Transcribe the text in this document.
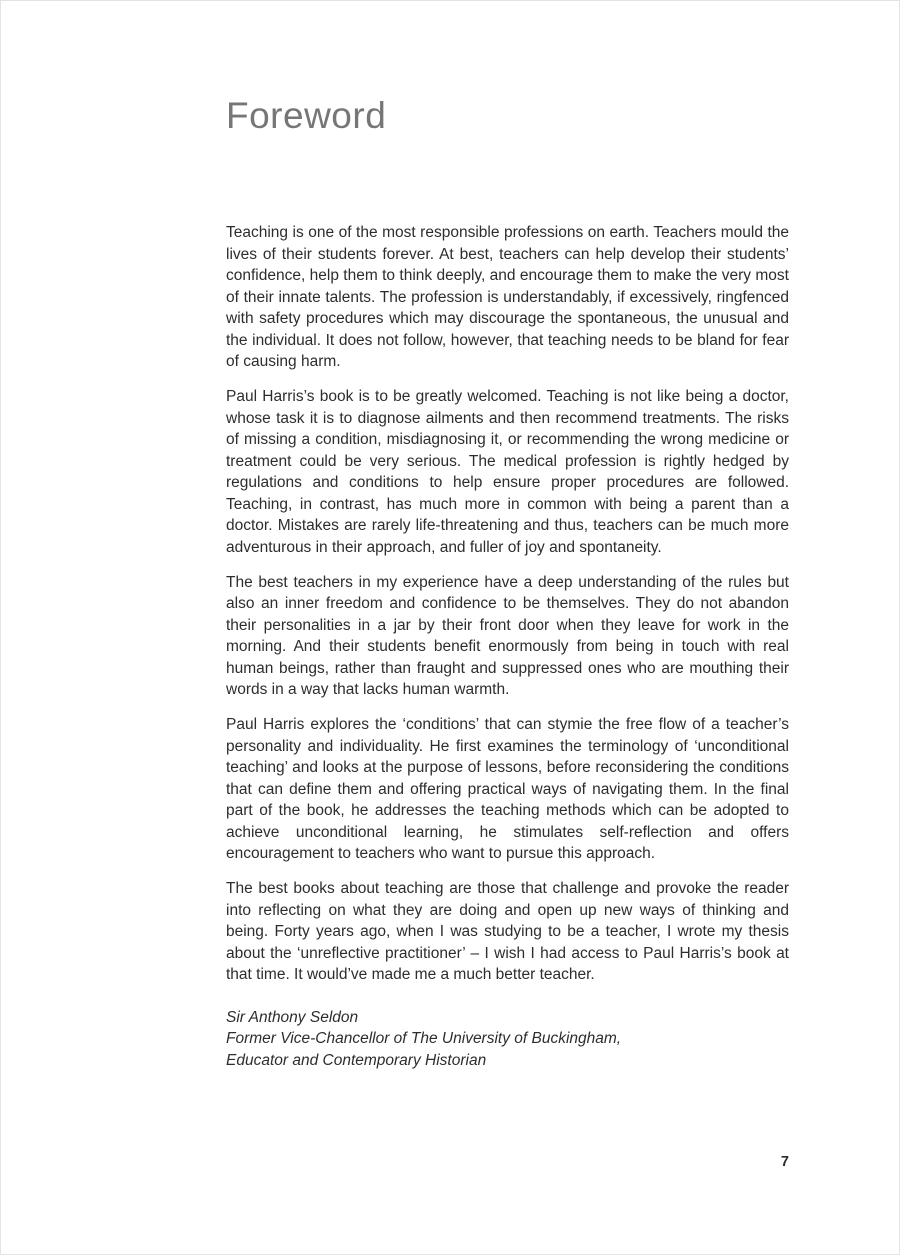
Foreword

Teaching is one of the most responsible professions on earth. Teachers mould the lives of their students forever. At best, teachers can help develop their students’ confidence, help them to think deeply, and encourage them to make the very most of their innate talents. The profession is understandably, if excessively, ringfenced with safety procedures which may discourage the spontaneous, the unusual and the individual. It does not follow, however, that teaching needs to be bland for fear of causing harm.

Paul Harris’s book is to be greatly welcomed. Teaching is not like being a doctor, whose task it is to diagnose ailments and then recommend treatments. The risks of missing a condition, misdiagnosing it, or recommending the wrong medicine or treatment could be very serious. The medical profession is rightly hedged by regulations and conditions to help ensure proper procedures are followed. Teaching, in contrast, has much more in common with being a parent than a doctor. Mistakes are rarely life-threatening and thus, teachers can be much more adventurous in their approach, and fuller of joy and spontaneity.

The best teachers in my experience have a deep understanding of the rules but also an inner freedom and confidence to be themselves. They do not abandon their personalities in a jar by their front door when they leave for work in the morning. And their students benefit enormously from being in touch with real human beings, rather than fraught and suppressed ones who are mouthing their words in a way that lacks human warmth.

Paul Harris explores the ‘conditions’ that can stymie the free flow of a teacher’s personality and individuality. He first examines the terminology of ‘unconditional teaching’ and looks at the purpose of lessons, before reconsidering the conditions that can define them and offering practical ways of navigating them. In the final part of the book, he addresses the teaching methods which can be adopted to achieve unconditional learning, he stimulates self-reflection and offers encouragement to teachers who want to pursue this approach.

The best books about teaching are those that challenge and provoke the reader into reflecting on what they are doing and open up new ways of thinking and being. Forty years ago, when I was studying to be a teacher, I wrote my thesis about the ‘unreflective practitioner’ – I wish I had access to Paul Harris’s book at that time. It would’ve made me a much better teacher.

Sir Anthony Seldon

Former Vice-Chancellor of The University of Buckingham,

Educator and Contemporary Historian

7
